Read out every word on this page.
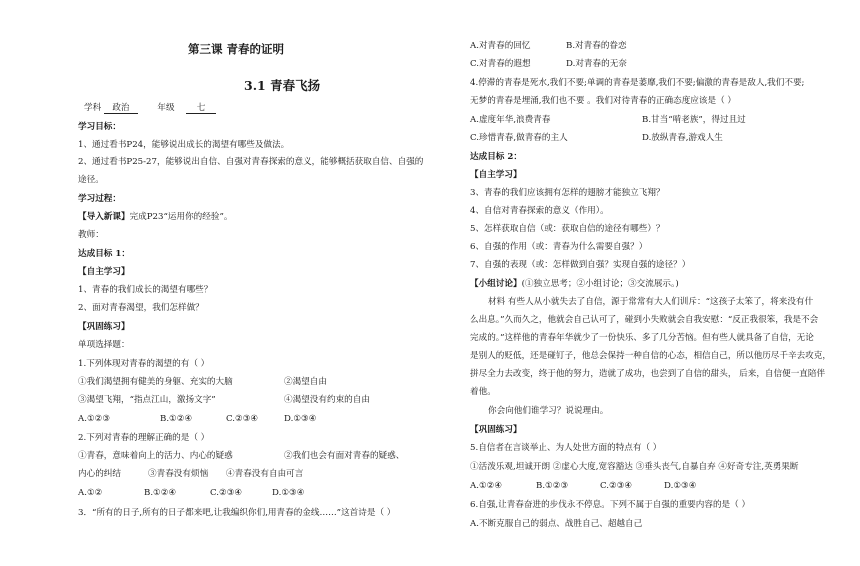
第三课 青春的证明
3.1 青春飞扬
学科 政治	年级	七
学习目标：
1、通过看书P24，能够说出成长的渴望有哪些及做法。
2、通过看书P25-27，能够说出自信、自强对青春探索的意义，能够概括获取自信、自强的
途径。
学习过程：
【导入新课】完成P23“运用你的经验”。
教师：
达成目标 1：
【自主学习】
1、青春的我们成长的渴望有哪些？
2、面对青春渴望，我们怎样做？
【巩固练习】
单项选择题：
1.下列体现对青春的渴望的有（ ）
①我们渴望拥有健美的身躯、充实的大脑	②渴望自由
③渴望飞翔，“指点江山，激扬文字”	④渴望没有约束的自由
A.①②③	B.①②④	C.②③④	D.①③④
2.下列对青春的理解正确的是（ ）
①青春，意味着向上的活力、内心的疑惑	②我们也会有面对青春的疑惑、
内心的纠结	③青春没有烦恼 ④青春没有自由可言
A.①②	B.①②④	C.②③④	D.①③④
3．“所有的日子,所有的日子都来吧,让我编织你们,用青春的金线……”这首诗是（ ）
A.对青春的回忆	B.对青春的眷恋
C.对青春的遐想	D.对青春的无奈
4.停滞的青春是死水,我们不要;单调的青春是萎靡,我们不要;偏激的青春是敌人,我们不要;
无梦的青春是埋涌,我们也不要 。我们对待青春的正确态度应该是（ ）
A.虚度年华,浪费青春	B.甘当“啃老族”，得过且过
C.珍惜青春,做青春的主人	D.放纵青春,游戏人生
达成目标 2：
【自主学习】
3、青春的我们应该拥有怎样的翅膀才能独立飞翔？
4、自信对青春探索的意义（作用）。
5、怎样获取自信（或：获取自信的途径有哪些）？
6、自强的作用（或：青春为什么需要自强？）
7、自强的表现（或：怎样做到自强？实现自强的途径？）
【小组讨论】(①独立思考；②小组讨论；③交流展示。)
材料 有些人从小就失去了自信，源于常常有大人们训斥：“这孩子太笨了，将来没有什
么出息。”久而久之，他就会自己认可了，碰到小失败就会自我安慰：“反正我很笨，我是不会
完成的。”这样他的青春年华就少了一份快乐、多了几分苦恼。但有些人就具备了自信，无论
是别人的贬低，还是碰钉子，他总会保持一种自信的心态，相信自己，所以他历尽千辛去攻克，
拼尽全力去改变，终于他的努力，造就了成功，也尝到了自信的甜头， 后来，自信便一直陪伴
着他。
你会向他们谁学习？说说理由。
【巩固练习】
5.自信者在言谈举止、为人处世方面的特点有（ ）
①活泼乐观,坦诚开朗 ②虚心大度,宽容豁达 ③垂头丧气,自暴自弃 ④好奇专注,英勇果断
A.①②④	B.①②③	C.②③④	D.①③④
6.自强,让青春奋进的步伐永不停息。下列不属于自强的重要内容的是（ ）
A.不断克服自己的弱点、战胜自己、超越自己
